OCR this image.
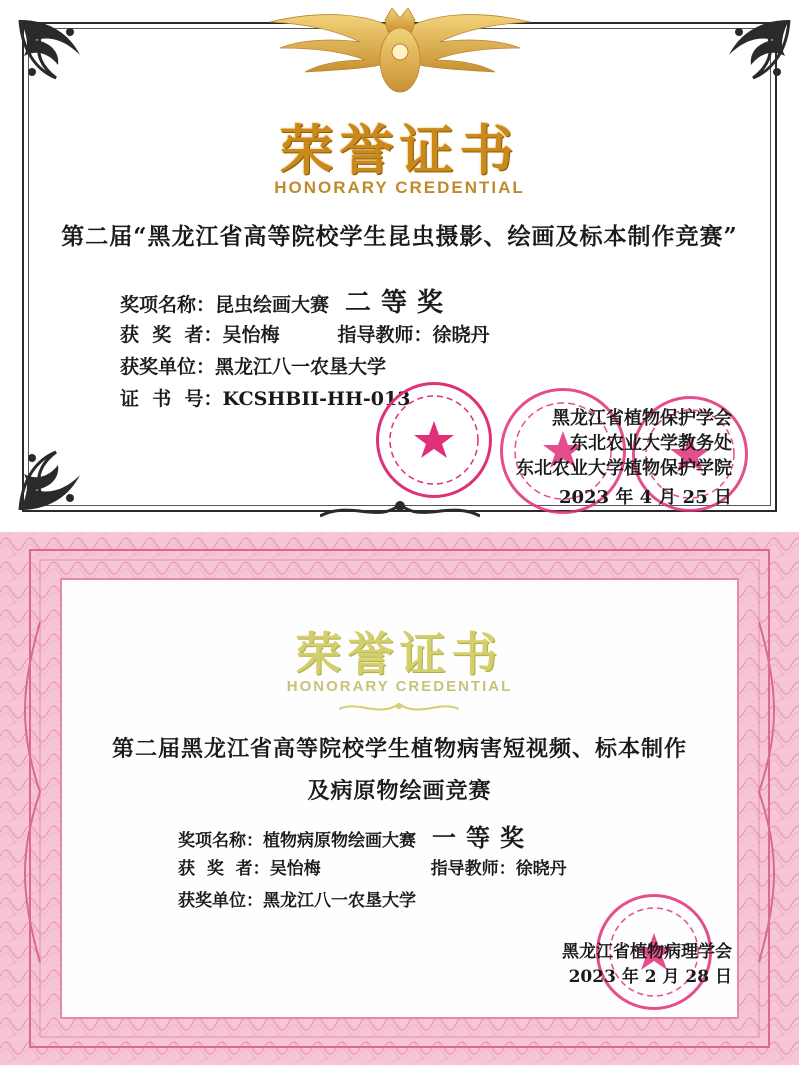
荣誉证书
HONORARY CREDENTIAL
第二届“黑龙江省高等院校学生昆虫摄影、绘画及标本制作竞赛”
奖项名称：昆虫绘画大赛 二等奖
获  奖  者：吴怡梅	指导教师：徐晓丹
获奖单位：黑龙江八一农垦大学
证  书  号：KCSHBII-HH-013
黑龙江省植物保护学会
东北农业大学教务处
东北农业大学植物保护学院
2023 年 4 月 25 日
荣誉证书
HONORARY CREDENTIAL
第二届黑龙江省高等院校学生植物病害短视频、标本制作
及病原物绘画竞赛
奖项名称：植物病原物绘画大赛 一等奖
获  奖  者：吴怡梅	指导教师：徐晓丹
获奖单位：黑龙江八一农垦大学
黑龙江省植物病理学会
2023 年 2 月 28 日
